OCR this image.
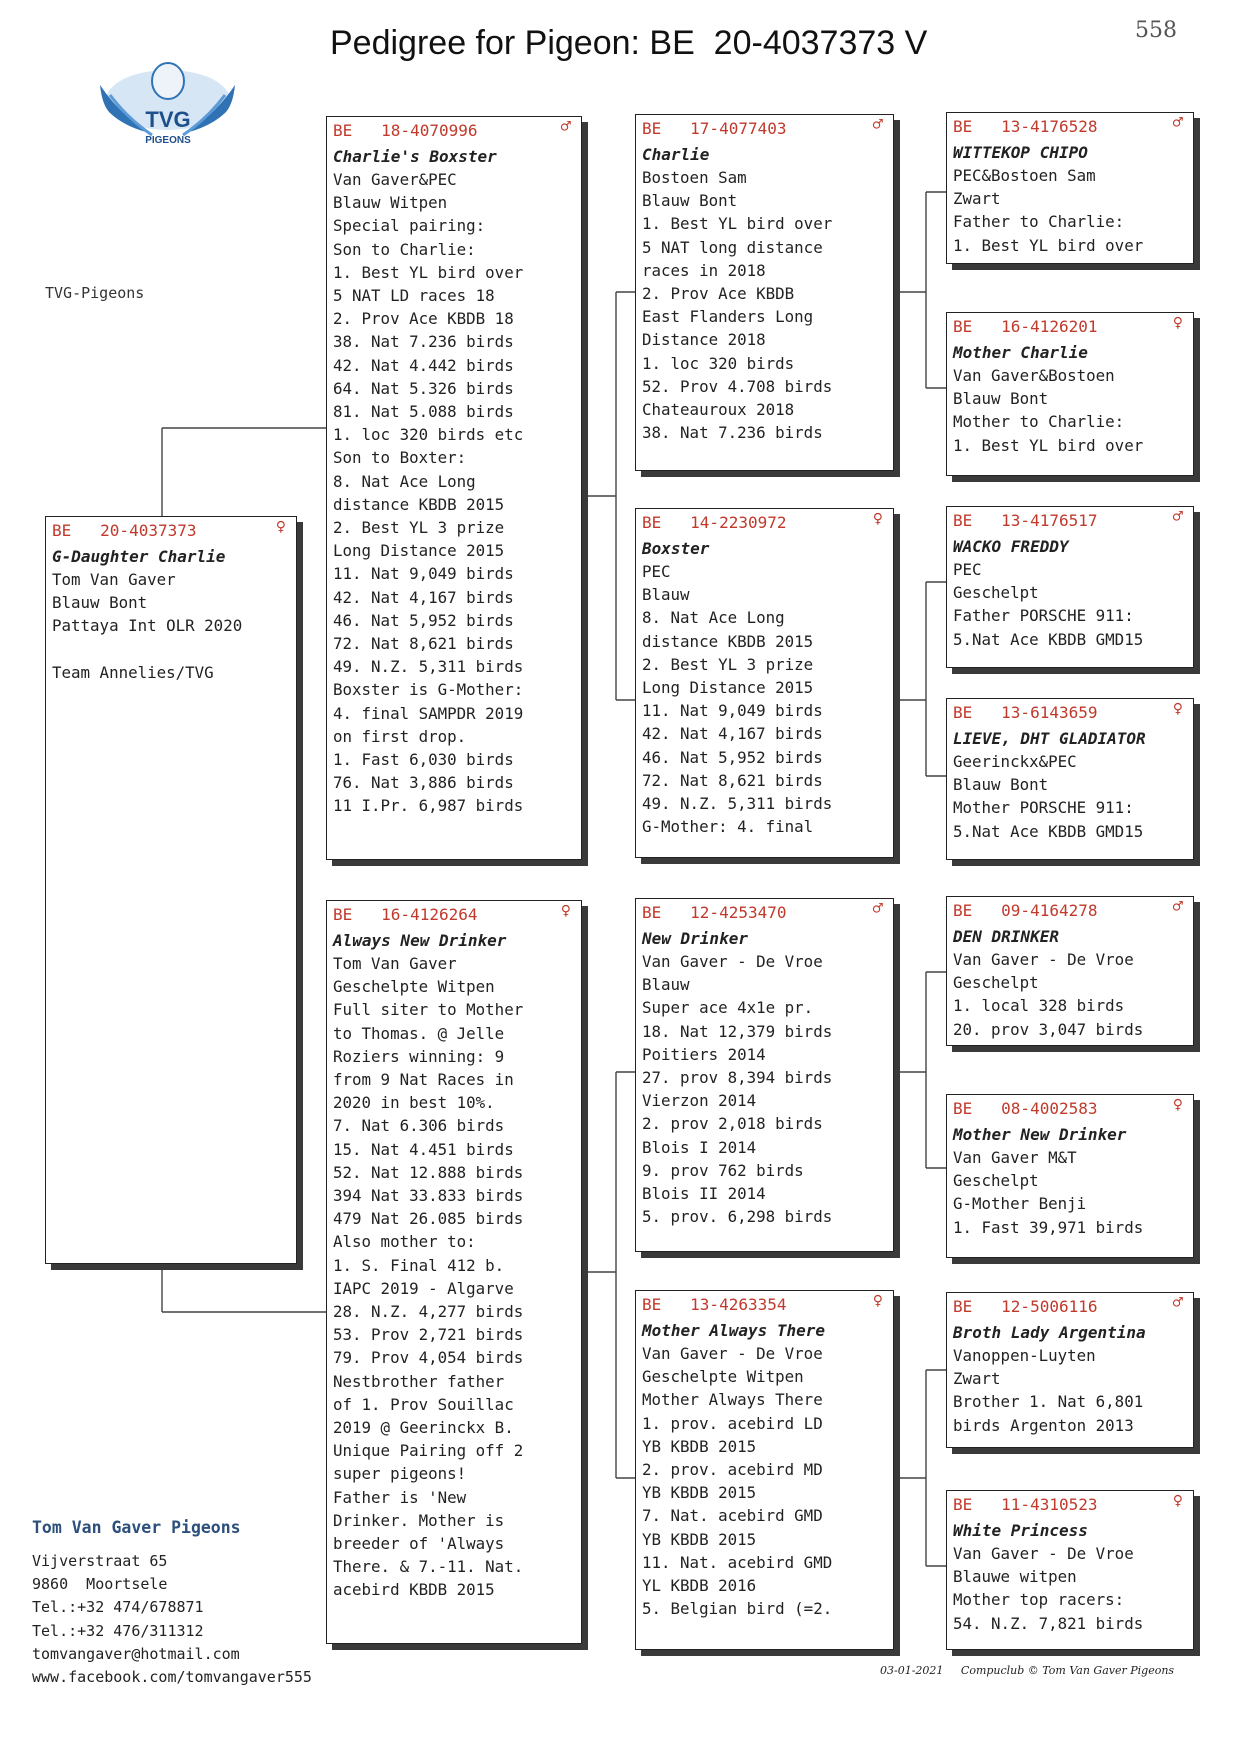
Pedigree for Pigeon: BE  20-4037373 V	558
TVG
PIGEONS
TVG-Pigeons
BE   20-4037373	♀
G-Daughter Charlie
Tom Van Gaver
Blauw Bont
Pattaya Int OLR 2020
Team Annelies/TVG
BE   18-4070996	♂
Charlie's Boxster
Van Gaver&PEC
Blauw Witpen
Special pairing:
Son to Charlie:
1. Best YL bird over
5 NAT LD races 18
2. Prov Ace KBDB 18
38. Nat 7.236 birds
42. Nat 4.442 birds
64. Nat 5.326 birds
81. Nat 5.088 birds
1. loc 320 birds etc
Son to Boxter:
8. Nat Ace Long
distance KBDB 2015
2. Best YL 3 prize
Long Distance 2015
11. Nat 9,049 birds
42. Nat 4,167 birds
46. Nat 5,952 birds
72. Nat 8,621 birds
49. N.Z. 5,311 birds
Boxster is G-Mother:
4. final SAMPDR 2019
on first drop.
1. Fast 6,030 birds
76. Nat 3,886 birds
11 I.Pr. 6,987 birds
BE   16-4126264	♀
Always New Drinker
Tom Van Gaver
Geschelpte Witpen
Full siter to Mother
to Thomas. @ Jelle
Roziers winning: 9
from 9 Nat Races in
2020 in best 10%.
7. Nat 6.306 birds
15. Nat 4.451 birds
52. Nat 12.888 birds
394 Nat 33.833 birds
479 Nat 26.085 birds
Also mother to:
1. S. Final 412 b.
IAPC 2019 - Algarve
28. N.Z. 4,277 birds
53. Prov 2,721 birds
79. Prov 4,054 birds
Nestbrother father
of 1. Prov Souillac
2019 @ Geerinckx B.
Unique Pairing off 2
super pigeons!
Father is 'New
Drinker. Mother is
breeder of 'Always
There. & 7.-11. Nat.
acebird KBDB 2015
BE   17-4077403	♂
Charlie
Bostoen Sam
Blauw Bont
1. Best YL bird over
5 NAT long distance
races in 2018
2. Prov Ace KBDB
East Flanders Long
Distance 2018
1. loc 320 birds
52. Prov 4.708 birds
Chateauroux 2018
38. Nat 7.236 birds
BE   14-2230972	♀
Boxster
PEC
Blauw
8. Nat Ace Long
distance KBDB 2015
2. Best YL 3 prize
Long Distance 2015
11. Nat 9,049 birds
42. Nat 4,167 birds
46. Nat 5,952 birds
72. Nat 8,621 birds
49. N.Z. 5,311 birds
G-Mother: 4. final
BE   12-4253470	♂
New Drinker
Van Gaver - De Vroe
Blauw
Super ace 4x1e pr.
18. Nat 12,379 birds
Poitiers 2014
27. prov 8,394 birds
Vierzon 2014
2. prov 2,018 birds
Blois I 2014
9. prov 762 birds
Blois II 2014
5. prov. 6,298 birds
BE   13-4263354	♀
Mother Always There
Van Gaver - De Vroe
Geschelpte Witpen
Mother Always There
1. prov. acebird LD
YB KBDB 2015
2. prov. acebird MD
YB KBDB 2015
7. Nat. acebird GMD
YB KBDB 2015
11. Nat. acebird GMD
YL KBDB 2016
5. Belgian bird (=2.
BE   13-4176528	♂
WITTEKOP CHIPO
PEC&Bostoen Sam
Zwart
Father to Charlie:
1. Best YL bird over
BE   16-4126201	♀
Mother Charlie
Van Gaver&Bostoen
Blauw Bont
Mother to Charlie:
1. Best YL bird over
BE   13-4176517	♂
WACKO FREDDY
PEC
Geschelpt
Father PORSCHE 911:
5.Nat Ace KBDB GMD15
BE   13-6143659	♀
LIEVE, DHT GLADIATOR
Geerinckx&PEC
Blauw Bont
Mother PORSCHE 911:
5.Nat Ace KBDB GMD15
BE   09-4164278	♂
DEN DRINKER
Van Gaver - De Vroe
Geschelpt
1. local 328 birds
20. prov 3,047 birds
BE   08-4002583	♀
Mother New Drinker
Van Gaver M&T
Geschelpt
G-Mother Benji
1. Fast 39,971 birds
BE   12-5006116	♂
Broth Lady Argentina
Vanoppen-Luyten
Zwart
Brother 1. Nat 6,801
birds Argenton 2013
BE   11-4310523	♀
White Princess
Van Gaver - De Vroe
Blauwe witpen
Mother top racers:
54. N.Z. 7,821 birds
Tom Van Gaver Pigeons
Vijverstraat 65
9860  Moortsele
Tel.:+32 474/678871
Tel.:+32 476/311312
tomvangaver@hotmail.com
www.facebook.com/tomvangaver555	03-01-2021 Compuclub © Tom Van Gaver Pigeons
